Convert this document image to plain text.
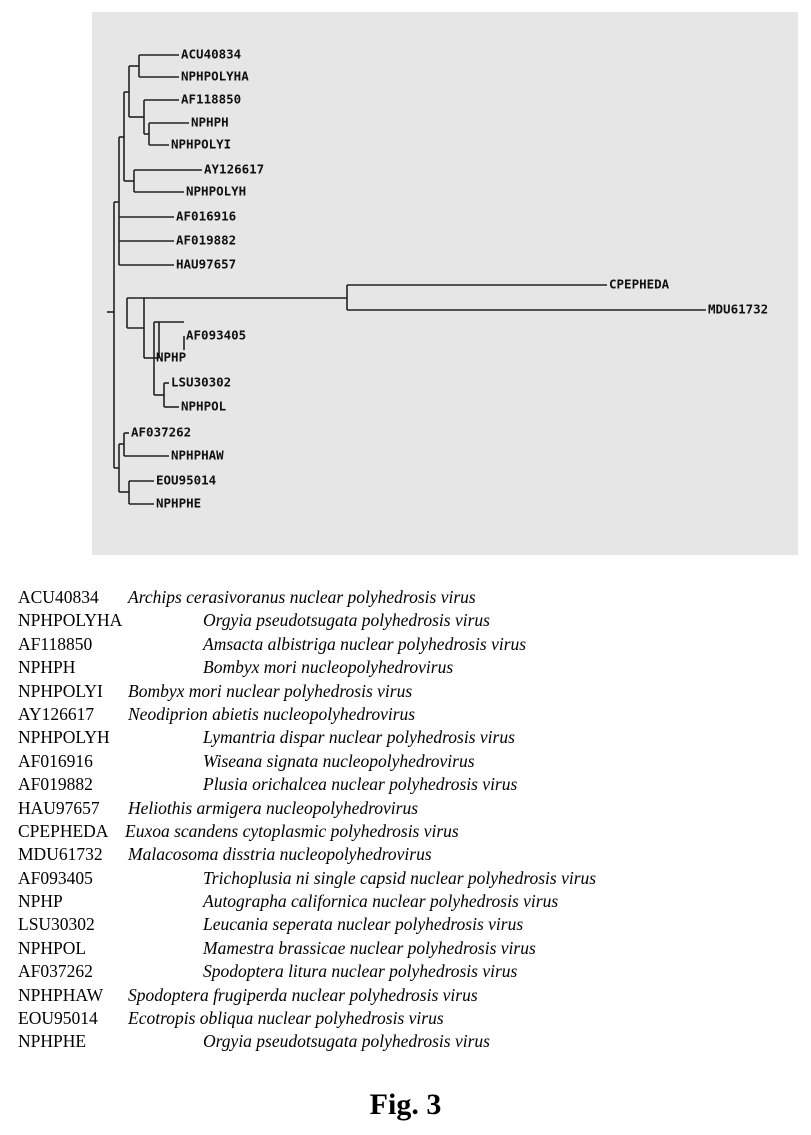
ACU40834
NPHPOLYHA
AF118850
NPHPH
NPHPOLYI
AY126617
NPHPOLYH
AF016916
AF019882
HAU97657
CPEPHEDA
MDU61732
AF093405
NPHP
LSU30302
NPHPOL
AF037262
NPHPHAW
EOU95014
NPHPHE
ACU40834 Archips cerasivoranus nuclear polyhedrosis virus
NPHPOLYHA	Orgyia pseudotsugata polyhedrosis virus
AF118850	Amsacta albistriga nuclear polyhedrosis virus
NPHPH	Bombyx mori nucleopolyhedrovirus
NPHPOLYI Bombyx mori nuclear polyhedrosis virus
AY126617 Neodiprion abietis nucleopolyhedrovirus
NPHPOLYH	Lymantria dispar nuclear polyhedrosis virus
AF016916	Wiseana signata nucleopolyhedrovirus
AF019882	Plusia orichalcea nuclear polyhedrosis virus
HAU97657 Heliothis armigera nucleopolyhedrovirus
CPEPHEDA Euxoa scandens cytoplasmic polyhedrosis virus
MDU61732 Malacosoma disstria nucleopolyhedrovirus
AF093405	Trichoplusia ni single capsid nuclear polyhedrosis virus
NPHP	Autographa californica nuclear polyhedrosis virus
LSU30302	Leucania seperata nuclear polyhedrosis virus
NPHPOL	Mamestra brassicae nuclear polyhedrosis virus
AF037262	Spodoptera litura nuclear polyhedrosis virus
NPHPHAW Spodoptera frugiperda nuclear polyhedrosis virus
EOU95014 Ecotropis obliqua nuclear polyhedrosis virus
NPHPHE	Orgyia pseudotsugata polyhedrosis virus
Fig. 3
